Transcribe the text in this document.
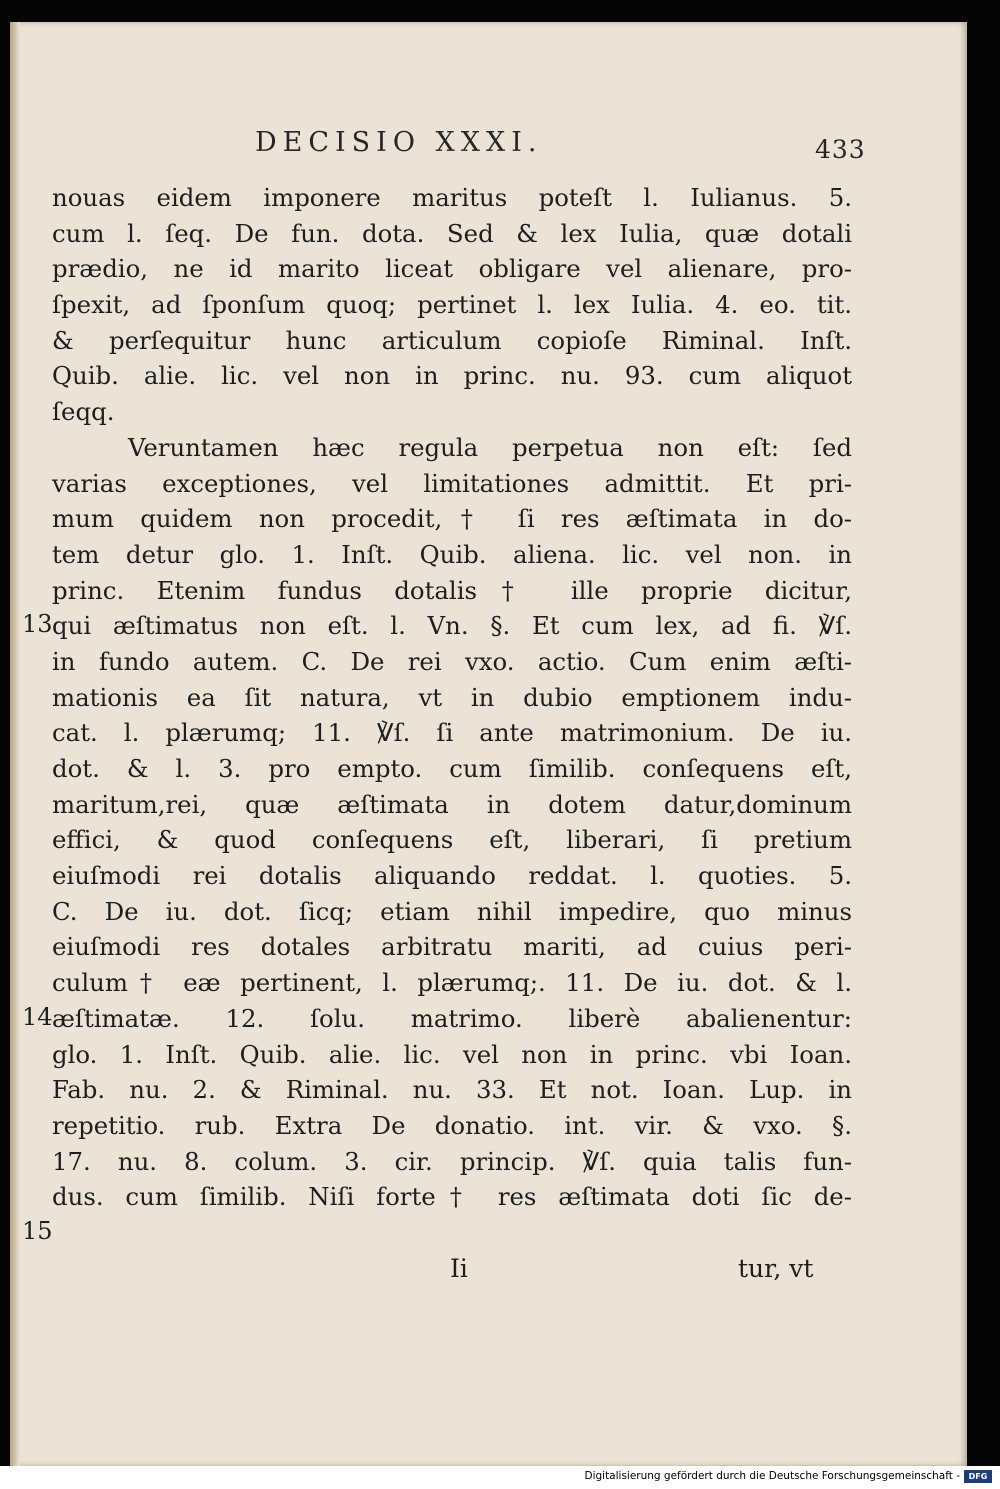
DECISIO XXXI.	433
13
14
15
nouas eidem imponere maritus poteſt l. Iulianus. 5.
cum l. ſeq. De fun. dota. Sed & lex Iulia, quæ dotali
prædio, ne id marito liceat obligare vel alienare, pro-
ſpexit, ad ſponſum quoq; pertinet l. lex Iulia. 4. eo. tit.
& perſequitur hunc articulum copioſe Riminal. Inſt.
Quib. alie. lic. vel non in princ. nu. 93. cum aliquot
ſeqq.
Veruntamen hæc regula perpetua non eſt: ſed
varias exceptiones, vel limitationes admittit. Et pri-
mum quidem non procedit,† ſi res æſtimata in do-
tem detur glo. 1. Inſt. Quib. aliena. lic. vel non. in
princ. Etenim fundus dotalis† ille proprie dicitur,
qui æſtimatus non eſt. l. Vn. §. Et cum lex, ad fi. ℣ſ.
in fundo autem. C. De rei vxo. actio. Cum enim æſti-
mationis ea ſit natura, vt in dubio emptionem indu-
cat. l. plærumq; 11. ℣ſ. ſi ante matrimonium. De iu.
dot. & l. 3. pro empto. cum ſimilib. conſequens eſt,
maritum,rei, quæ æſtimata in dotem datur,dominum
effici, & quod conſequens eſt, liberari, ſi pretium
eiuſmodi rei dotalis aliquando reddat. l. quoties. 5.
C. De iu. dot. ſicq; etiam nihil impedire, quo minus
eiuſmodi res dotales arbitratu mariti, ad cuius peri-
culum† eæ pertinent, l. plærumq;. 11. De iu. dot. & l.
æſtimatæ. 12. ſolu. matrimo. liberè abalienentur:
glo. 1. Inſt. Quib. alie. lic. vel non in princ. vbi Ioan.
Fab. nu. 2. & Riminal. nu. 33. Et not. Ioan. Lup. in
repetitio. rub. Extra De donatio. int. vir. & vxo. §.
17. nu. 8. colum. 3. cir. princip. ℣ſ. quia talis fun-
dus. cum ſimilib. Niſi forte† res æſtimata doti ſic de-
Ii	tur, vt
Digitalisierung gefördert durch die Deutsche Forschungsgemeinschaft -	DFG
